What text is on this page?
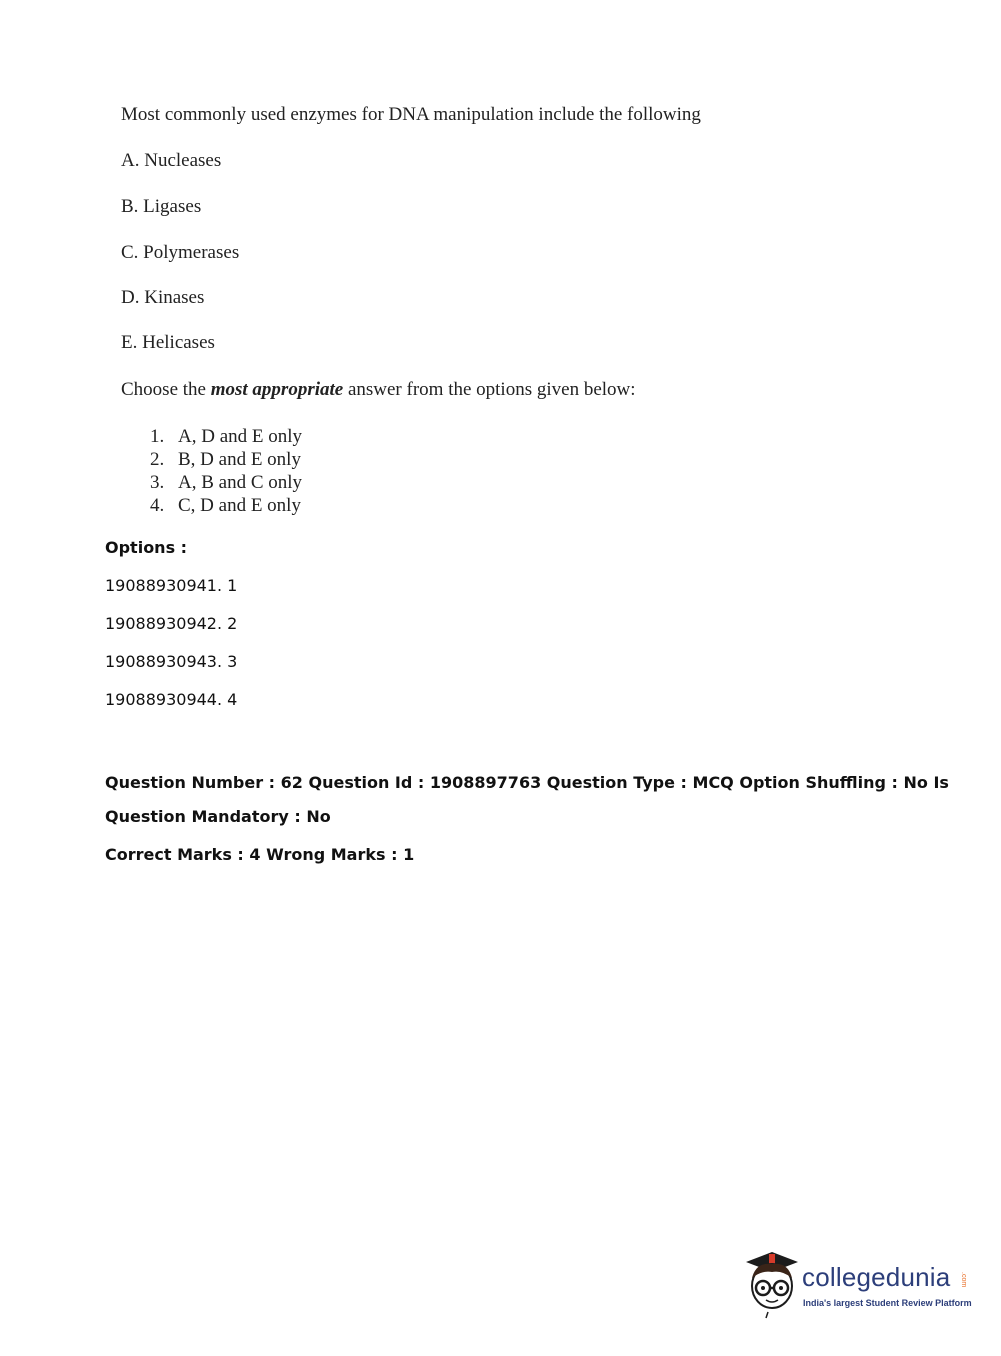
Most commonly used enzymes for DNA manipulation include the following
A. Nucleases
B. Ligases
C. Polymerases
D. Kinases
E. Helicases
Choose the most appropriate answer from the options given below:
1. A, D and E only
2. B, D and E only
3. A, B and C only
4. C, D and E only
Options :
19088930941. 1
19088930942. 2
19088930943. 3
19088930944. 4
Question Number : 62 Question Id : 1908897763 Question Type : MCQ Option Shuffling : No Is
Question Mandatory : No
Correct Marks : 4 Wrong Marks : 1
collegedunia .com
India's largest Student Review Platform
